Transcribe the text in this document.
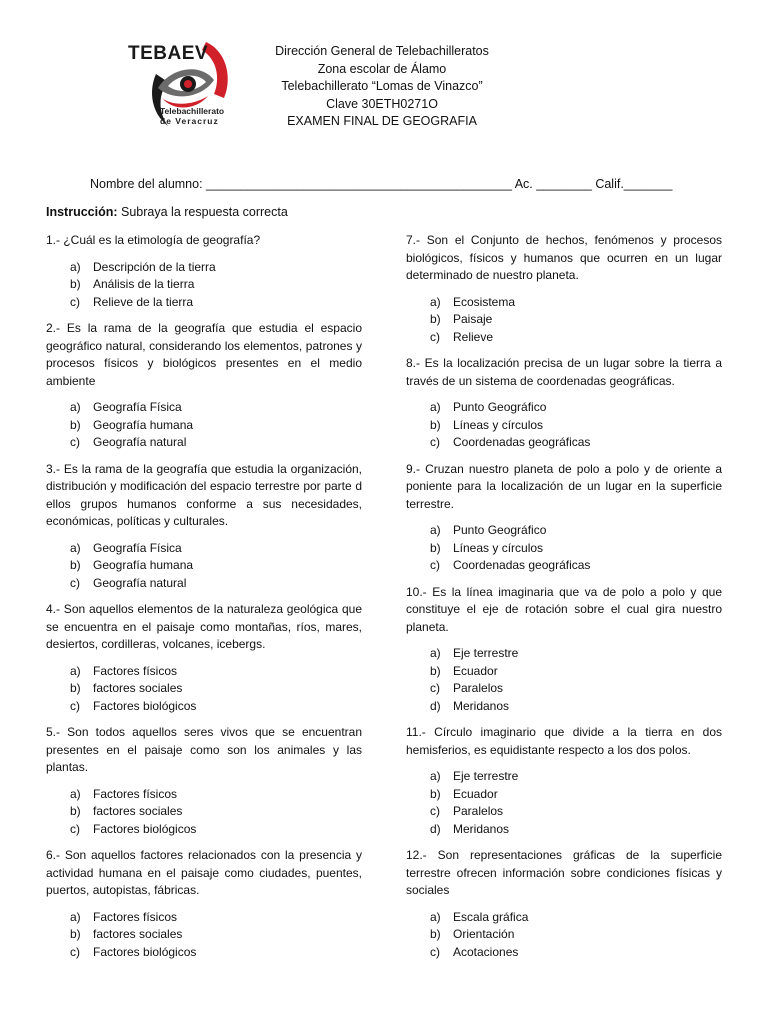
TEBAEV
Telebachillerato
de Veracruz
Dirección General de Telebachilleratos
Zona escolar de Álamo
Telebachillerato “Lomas de Vinazco”
Clave 30ETH0271O
EXAMEN FINAL DE GEOGRAFIA
Nombre del alumno: ____________________________________________ Ac. ________ Calif._______
Instrucción: Subraya la respuesta correcta

1.- ¿Cuál es la etimología de geografía?

a)	Descripción de la tierra
b)	Análisis de la tierra
c)	Relieve de la tierra

2.- Es la rama de la geografía que estudia el espacio geográfico natural, considerando los elementos, patrones y procesos físicos y biológicos presentes en el medio ambiente

a)	Geografía Física
b)	Geografía humana
c)	Geografía natural

3.- Es la rama de la geografía que estudia la organización, distribución y modificación del espacio terrestre por parte d ellos grupos humanos conforme a sus necesidades, económicas, políticas y culturales.

a)	Geografía Física
b)	Geografía humana
c)	Geografía natural

4.- Son aquellos elementos de la naturaleza geológica que se encuentra en el paisaje como montañas, ríos, mares, desiertos, cordilleras, volcanes, icebergs.

a)	Factores físicos
b)	factores sociales
c)	Factores biológicos

5.- Son todos aquellos seres vivos que se encuentran presentes en el paisaje como son los animales y las plantas.

a)	Factores físicos
b)	factores sociales
c)	Factores biológicos

6.- Son aquellos factores relacionados con la presencia y actividad humana en el paisaje como ciudades, puentes, puertos, autopistas, fábricas.

a)	Factores físicos
b)	factores sociales
c)	Factores biológicos

7.- Son el Conjunto de hechos, fenómenos y procesos biológicos, físicos y humanos que ocurren en un lugar determinado de nuestro planeta.

a)	Ecosistema
b)	Paisaje
c)	Relieve

8.- Es la localización precisa de un lugar sobre la tierra a través de un sistema de coordenadas geográficas.

a)	Punto Geográfico
b)	Líneas y círculos
c)	Coordenadas geográficas

9.- Cruzan nuestro planeta de polo a polo y de oriente a poniente para la localización de un lugar en la superficie terrestre.

a)	Punto Geográfico
b)	Líneas y círculos
c)	Coordenadas geográficas

10.- Es la línea imaginaria que va de polo a polo y que constituye el eje de rotación sobre el cual gira nuestro planeta.

a)	Eje terrestre
b)	Ecuador
c)	Paralelos
d)	Meridanos

11.- Círculo imaginario que divide a la tierra en dos hemisferios, es equidistante respecto a los dos polos.

a)	Eje terrestre
b)	Ecuador
c)	Paralelos
d)	Meridanos

12.- Son representaciones gráficas de la superficie terrestre ofrecen información sobre condiciones físicas y sociales

a)	Escala gráfica
b)	Orientación
c)	Acotaciones
